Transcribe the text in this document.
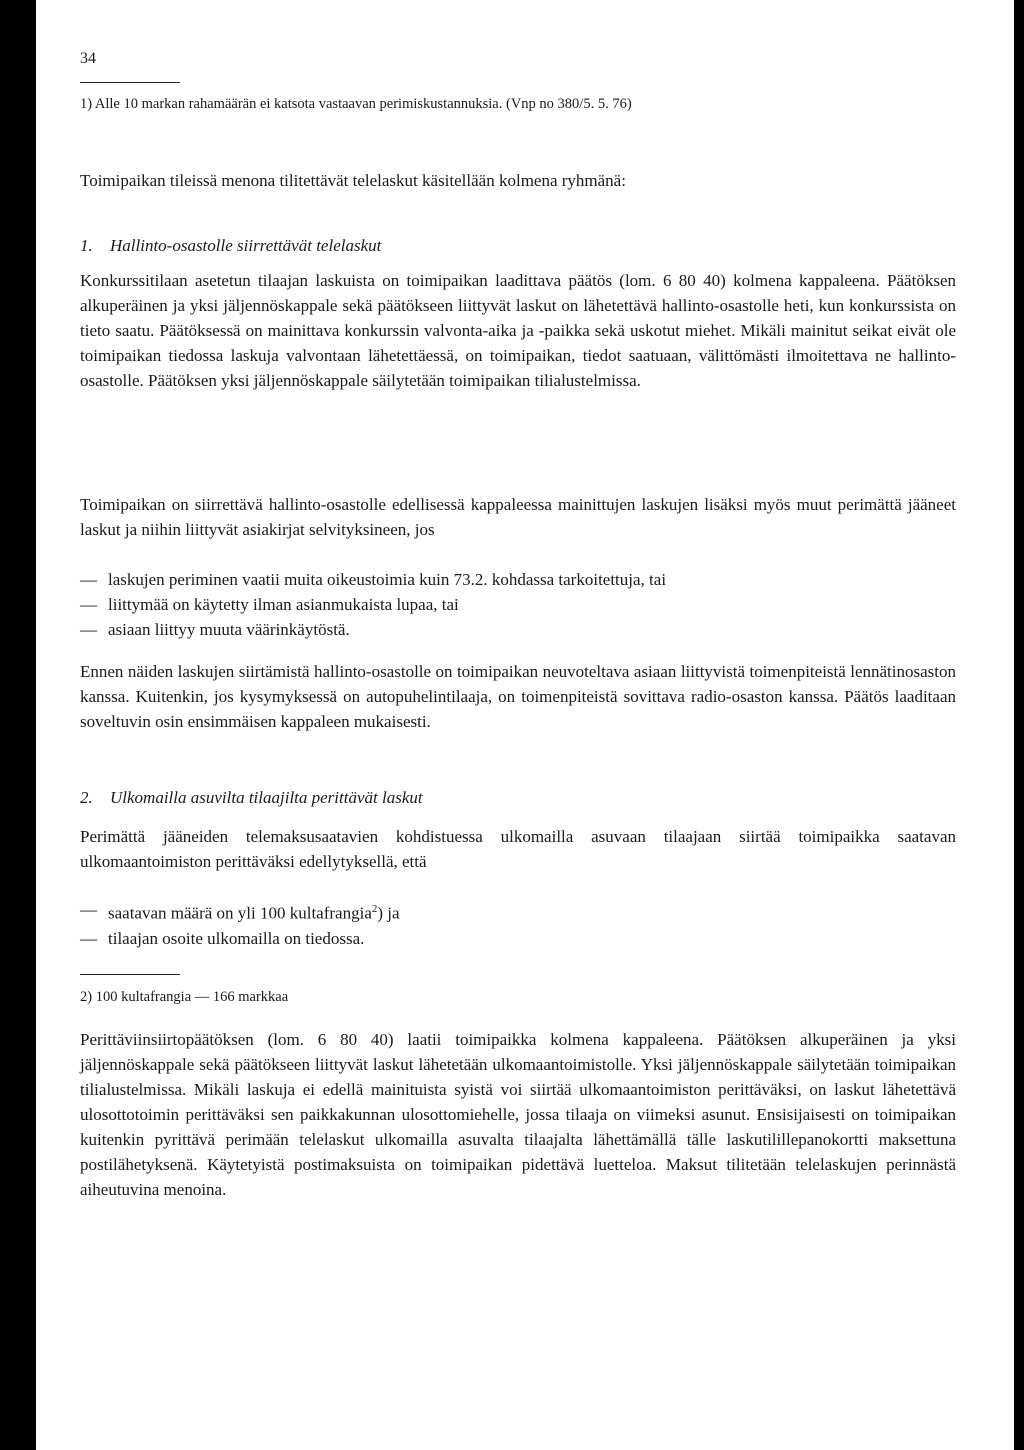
34
1) Alle 10 markan rahamäärän ei katsota vastaavan perimiskustannuksia. (Vnp no 380/5. 5. 76)
Toimipaikan tileissä menona tilitettävät telelaskut käsitellään kolmena ryhmänä:
1. Hallinto-osastolle siirrettävät telelaskut
Konkurssitilaan asetetun tilaajan laskuista on toimipaikan laadittava päätös (lom. 6 80 40) kolmena kappaleena. Päätöksen alkuperäinen ja yksi jäljennöskappale sekä päätökseen liittyvät laskut on lähetettävä hallinto-osastolle heti, kun konkurssista on tieto saatu. Päätöksessä on mainittava konkurssin valvonta-aika ja -paikka sekä uskotut miehet. Mikäli mainitut seikat eivät ole toimipaikan tiedossa laskuja valvontaan lähetettäessä, on toimipaikan, tiedot saatuaan, välittömästi ilmoitettava ne hallinto-osastolle. Päätöksen yksi jäljennöskappale säilytetään toimipaikan tilialustelmissa.
Toimipaikan on siirrettävä hallinto-osastolle edellisessä kappaleessa mainittujen laskujen lisäksi myös muut perimättä jääneet laskut ja niihin liittyvät asiakirjat selvityksineen, jos
— laskujen periminen vaatii muita oikeustoimia kuin 73.2. kohdassa tarkoitettuja, tai
— liittymää on käytetty ilman asianmukaista lupaa, tai
— asiaan liittyy muuta väärinkäytöstä.
Ennen näiden laskujen siirtämistä hallinto-osastolle on toimipaikan neuvoteltava asiaan liittyvistä toimenpiteistä lennätinosaston kanssa. Kuitenkin, jos kysymyksessä on autopuhelintilaaja, on toimenpiteistä sovittava radio-osaston kanssa. Päätös laaditaan soveltuvin osin ensimmäisen kappaleen mukaisesti.
2. Ulkomailla asuvilta tilaajilta perittävät laskut
Perimättä jääneiden telemaksusaatavien kohdistuessa ulkomailla asuvaan tilaajaan siirtää toimipaikka saatavan ulkomaantoimiston perittäväksi edellytyksellä, että
— saatavan määrä on yli 100 kultafrangia$^2$) ja
— tilaajan osoite ulkomailla on tiedossa.
2) 100 kultafrangia — 166 markkaa
Perittäviinsiirtopäätöksen (lom. 6 80 40) laatii toimipaikka kolmena kappaleena. Päätöksen alkuperäinen ja yksi jäljennöskappale sekä päätökseen liittyvät laskut lähetetään ulkomaantoimistolle. Yksi jäljennöskappale säilytetään toimipaikan tilialustelmissa. Mikäli laskuja ei edellä mainituista syistä voi siirtää ulkomaantoimiston perittäväksi, on laskut lähetettävä ulosottotoimin perittäväksi sen paikkakunnan ulosottomiehelle, jossa tilaaja on viimeksi asunut. Ensisijaisesti on toimipaikan kuitenkin pyrittävä perimään telelaskut ulkomailla asuvalta tilaajalta lähettämällä tälle laskutilillepanokortti maksettuna postilähetyksenä. Käytetyistä postimaksuista on toimipaikan pidettävä luetteloa. Maksut tilitetään telelaskujen perinnästä aiheutuvina menoina.
